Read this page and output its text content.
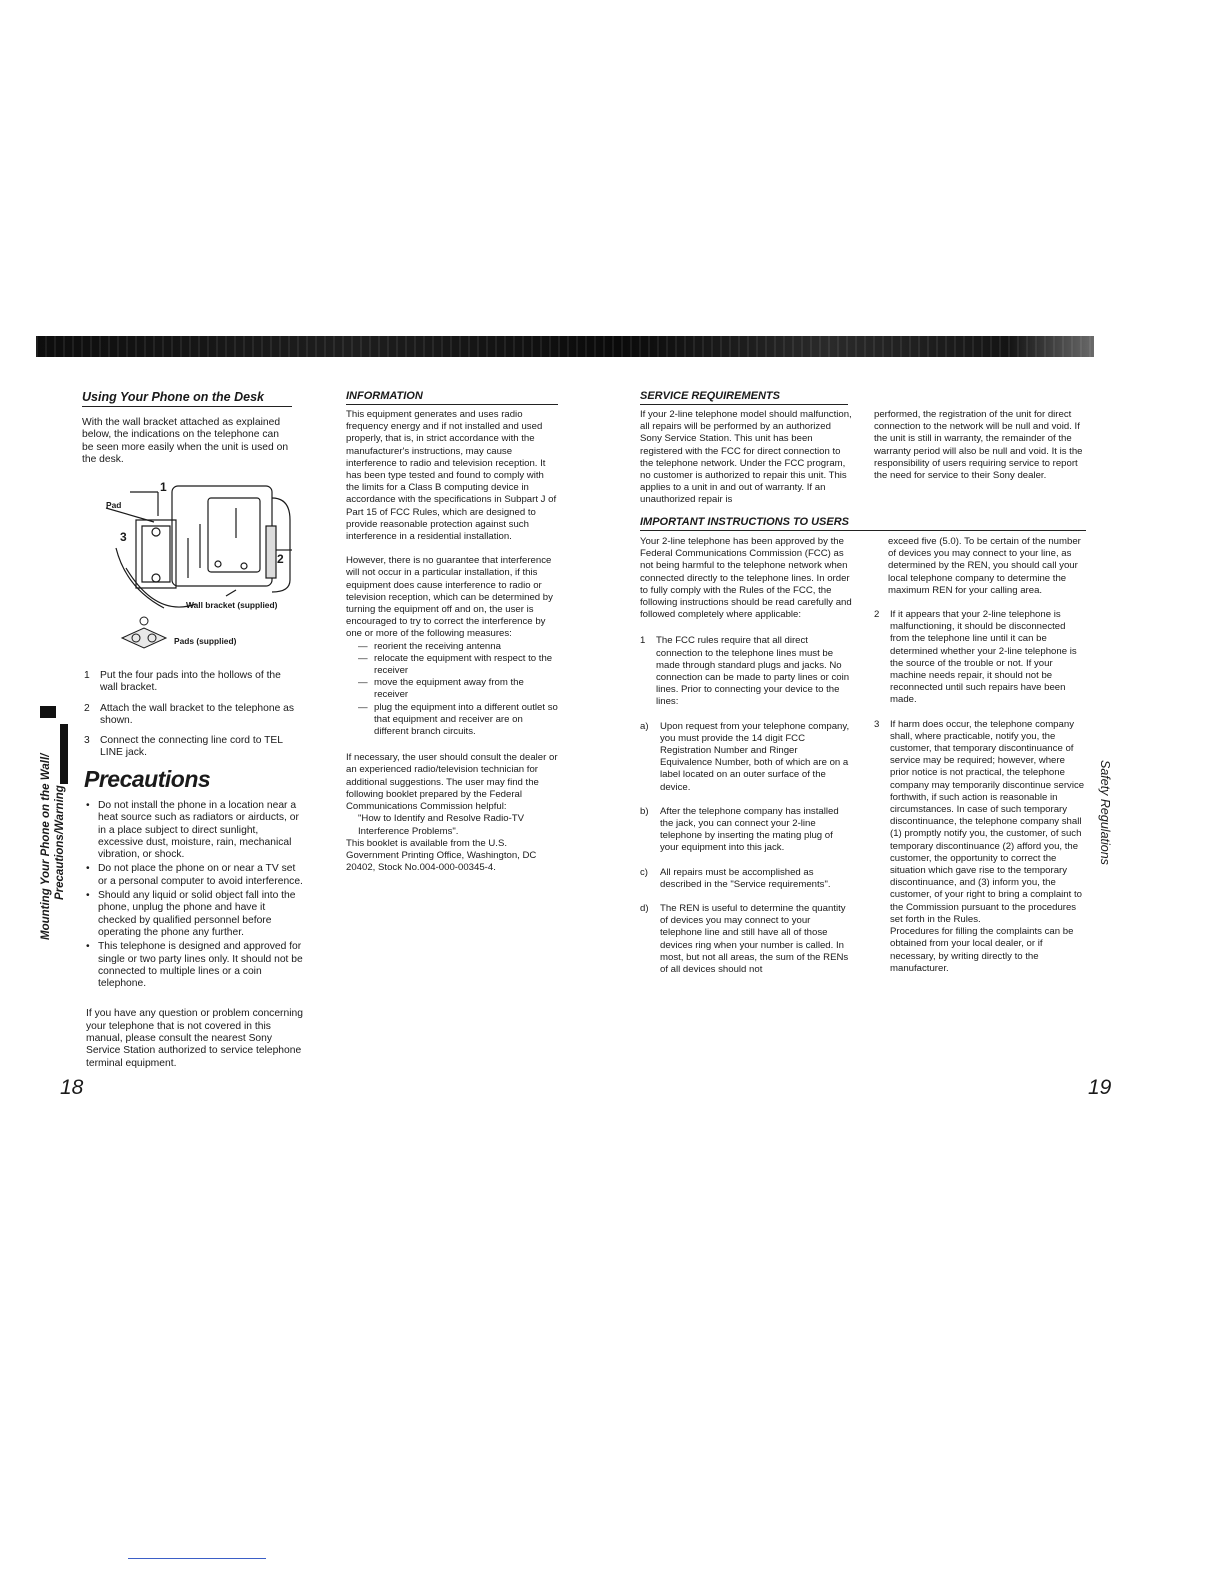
Using Your Phone on the Desk

With the wall bracket attached as explained below, the indications on the telephone can be seen more easily when the unit is used on the desk.

Pad
1
2
3
Wall bracket (supplied)
Pads (supplied)
1 Put the four pads into the hollows of the wall bracket.
2 Attach the wall bracket to the telephone as shown.
3 Connect the connecting line cord to TEL LINE jack.
Precautions
• Do not install the phone in a location near a heat source such as radiators or airducts, or in a place subject to direct sunlight, excessive dust, moisture, rain, mechanical vibration, or shock.
• Do not place the phone on or near a TV set or a personal computer to avoid interference.
• Should any liquid or solid object fall into the phone, unplug the phone and have it checked by qualified personnel before operating the phone any further.
• This telephone is designed and approved for single or two party lines only. It should not be connected to multiple lines or a coin telephone.

If you have any question or problem concerning your telephone that is not covered in this manual, please consult the nearest Sony Service Station authorized to service telephone terminal equipment.

18
Mounting Your Phone on the Wall/ Precautions/Warning
INFORMATION

This equipment generates and uses radio frequency energy and if not installed and used properly, that is, in strict accordance with the manufacturer's instructions, may cause interference to radio and television reception. It has been type tested and found to comply with the limits for a Class B computing device in accordance with the specifications in Subpart J of Part 15 of FCC Rules, which are designed to provide reasonable protection against such interference in a residential installation.

However, there is no guarantee that interference will not occur in a particular installation, if this equipment does cause interference to radio or television reception, which can be determined by turning the equipment off and on, the user is encouraged to try to correct the interference by one or more of the following measures:

— reorient the receiving antenna
— relocate the equipment with respect to the receiver
— move the equipment away from the receiver
— plug the equipment into a different outlet so that equipment and receiver are on different branch circuits.

If necessary, the user should consult the dealer or an experienced radio/television technician for additional suggestions. The user may find the following booklet prepared by the Federal Communications Commission helpful:

"How to Identify and Resolve Radio-TV Interference Problems".

This booklet is available from the U.S. Government Printing Office, Washington, DC 20402, Stock No.004-000-00345-4.

SERVICE REQUIREMENTS

If your 2-line telephone model should malfunction, all repairs will be performed by an authorized Sony Service Station. This unit has been registered with the FCC for direct connection to the telephone network. Under the FCC program, no customer is authorized to repair this unit. This applies to a unit in and out of warranty. If an unauthorized repair is

performed, the registration of the unit for direct connection to the network will be null and void. If the unit is still in warranty, the remainder of the warranty period will also be null and void. It is the responsibility of users requiring service to report the need for service to their Sony dealer.

IMPORTANT INSTRUCTIONS TO USERS

Your 2-line telephone has been approved by the Federal Communications Commission (FCC) as not being harmful to the telephone network when connected directly to the telephone lines. In order to fully comply with the Rules of the FCC, the following instructions should be read carefully and followed completely where applicable:

1	The FCC rules require that all direct connection to the telephone lines must be made through standard plugs and jacks. No connection can be made to party lines or coin lines. Prior to connecting your device to the lines:
a)	Upon request from your telephone company, you must provide the 14 digit FCC Registration Number and Ringer Equivalence Number, both of which are on a label located on an outer surface of the device.
b)	After the telephone company has installed the jack, you can connect your 2-line telephone by inserting the mating plug of your equipment into this jack.
c)	All repairs must be accomplished as described in the "Service requirements".
d)	The REN is useful to determine the quantity of devices you may connect to your telephone line and still have all of those devices ring when your number is called. In most, but not all areas, the sum of the RENs of all devices should not

exceed five (5.0). To be certain of the number of devices you may connect to your line, as determined by the REN, you should call your local telephone company to determine the maximum REN for your calling area.

2	If it appears that your 2-line telephone is malfunctioning, it should be disconnected from the telephone line until it can be determined whether your 2-line telephone is the source of the trouble or not. If your machine needs repair, it should not be reconnected until such repairs have been made.
3	If harm does occur, the telephone company shall, where practicable, notify you, the customer, that temporary discontinuance of service may be required; however, where prior notice is not practical, the telephone company may temporarily discontinue service forthwith, if such action is reasonable in circumstances. In case of such temporary discontinuance, the telephone company shall (1) promptly notify you, the customer, of such temporary discontinuance (2) afford you, the customer, the opportunity to correct the situation which gave rise to the temporary discontinuance, and (3) inform you, the customer, of your right to bring a complaint to the Commission pursuant to the procedures set forth in the Rules.

Procedures for filling the complaints can be obtained from your local dealer, or if necessary, by writing directly to the manufacturer.

19
Safety Regulations
